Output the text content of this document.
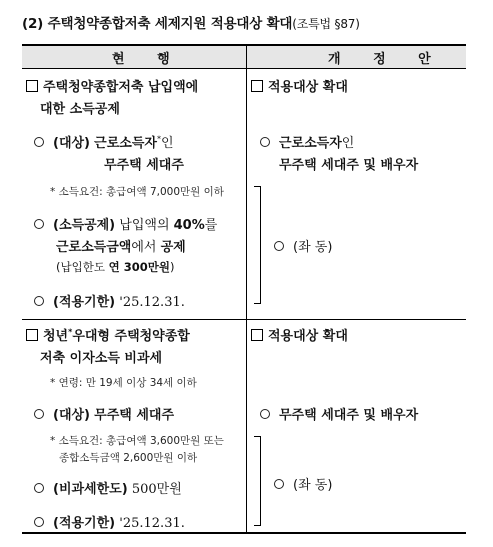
(2) 주택청약종합저축 세제지원 적용대상 확대(조특법 §87)
현 행	개 정 안
주택청약종합저축 납입액에
대한 소득공제
(대상) 근로소득자*인
무주택 세대주
* 소득요건: 총급여액 7,000만원 이하
(소득공제) 납입액의 40%를
근로소득금액에서 공제
(납입한도 연 300만원)
(적용기한) '25.12.31.
적용대상 확대
근로소득자인
무주택 세대주 및 배우자
(좌 동)
청년*우대형 주택청약종합
저축 이자소득 비과세
* 연령: 만 19세 이상 34세 이하
(대상) 무주택 세대주
* 소득요건: 총급여액 3,600만원 또는
종합소득금액 2,600만원 이하
(비과세한도) 500만원
(적용기한) '25.12.31.
적용대상 확대
무주택 세대주 및 배우자
(좌 동)
